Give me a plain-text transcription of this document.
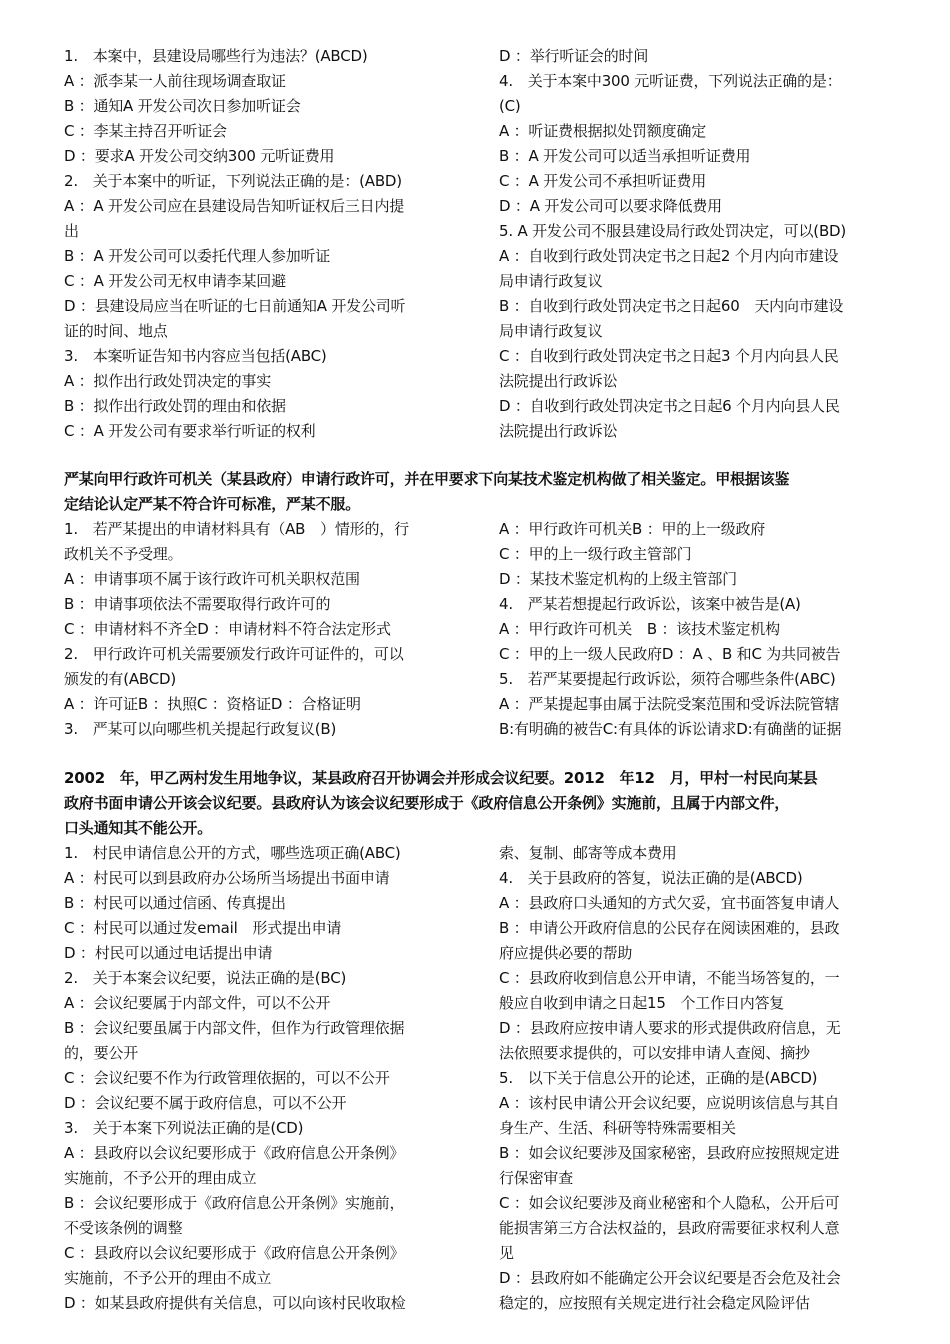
1.　本案中，县建设局哪些行为违法？(ABCD)
A ：派李某一人前往现场调查取证
B ：通知A 开发公司次日参加听证会
C ：李某主持召开听证会
D ：要求A 开发公司交纳300 元听证费用
2.　关于本案中的听证，下列说法正确的是：(ABD)
A ：A 开发公司应在县建设局告知听证权后三日内提
出
B ：A 开发公司可以委托代理人参加听证
C ：A 开发公司无权申请李某回避
D ：县建设局应当在听证的七日前通知A 开发公司听
证的时间、地点
3.　本案听证告知书内容应当包括(ABC)
A ：拟作出行政处罚决定的事实
B ：拟作出行政处罚的理由和依据
C ：A 开发公司有要求举行听证的权利
D ：举行听证会的时间
4.　关于本案中300 元听证费，下列说法正确的是：
(C)
A ：听证费根据拟处罚额度确定
B ：A 开发公司可以适当承担听证费用
C ：A 开发公司不承担听证费用
D ：A 开发公司可以要求降低费用
5. A 开发公司不服县建设局行政处罚决定，可以(BD)
A ：自收到行政处罚决定书之日起2 个月内向市建设
局申请行政复议
B ：自收到行政处罚决定书之日起60　天内向市建设
局申请行政复议
C ：自收到行政处罚决定书之日起3 个月内向县人民
法院提出行政诉讼
D ：自收到行政处罚决定书之日起6 个月内向县人民
法院提出行政诉讼
严某向甲行政许可机关（某县政府）申请行政许可，并在甲要求下向某技术鉴定机构做了相关鉴定。甲根据该鉴
定结论认定严某不符合许可标准，严某不服。
1.　若严某提出的申请材料具有（AB　）情形的，行
政机关不予受理。
A ：申请事项不属于该行政许可机关职权范围
B ：申请事项依法不需要取得行政许可的
C ：申请材料不齐全D ：申请材料不符合法定形式
2.　甲行政许可机关需要颁发行政许可证件的，可以
颁发的有(ABCD)
A ：许可证B ：执照C ：资格证D ：合格证明
3.　严某可以向哪些机关提起行政复议(B)
A ：甲行政许可机关B ：甲的上一级政府
C ：甲的上一级行政主管部门
D ：某技术鉴定机构的上级主管部门
4.　严某若想提起行政诉讼，该案中被告是(A)
A ：甲行政许可机关　B ：该技术鉴定机构
C ：甲的上一级人民政府D ：A 、B 和C 为共同被告
5.　若严某要提起行政诉讼，须符合哪些条件(ABC)
A ：严某提起事由属于法院受案范围和受诉法院管辖
B:有明确的被告C:有具体的诉讼请求D:有确凿的证据
2002　年，甲乙两村发生用地争议，某县政府召开协调会并形成会议纪要。2012　年12　月，甲村一村民向某县
政府书面申请公开该会议纪要。县政府认为该会议纪要形成于《政府信息公开条例》实施前，且属于内部文件，
口头通知其不能公开。
1.　村民申请信息公开的方式，哪些选项正确(ABC)
A ：村民可以到县政府办公场所当场提出书面申请
B ：村民可以通过信函、传真提出
C ：村民可以通过发email　形式提出申请
D ：村民可以通过电话提出申请
2.　关于本案会议纪要，说法正确的是(BC)
A ：会议纪要属于内部文件，可以不公开
B ：会议纪要虽属于内部文件，但作为行政管理依据
的，要公开
C ：会议纪要不作为行政管理依据的，可以不公开
D ：会议纪要不属于政府信息，可以不公开
3.　关于本案下列说法正确的是(CD)
A ：县政府以会议纪要形成于《政府信息公开条例》
实施前，不予公开的理由成立
B ：会议纪要形成于《政府信息公开条例》实施前，
不受该条例的调整
C ：县政府以会议纪要形成于《政府信息公开条例》
实施前，不予公开的理由不成立
D ：如某县政府提供有关信息，可以向该村民收取检
索、复制、邮寄等成本费用
4.　关于县政府的答复，说法正确的是(ABCD)
A ：县政府口头通知的方式欠妥，宜书面答复申请人
B ：申请公开政府信息的公民存在阅读困难的，县政
府应提供必要的帮助
C ：县政府收到信息公开申请，不能当场答复的，一
般应自收到申请之日起15　个工作日内答复
D ：县政府应按申请人要求的形式提供政府信息，无
法依照要求提供的，可以安排申请人查阅、摘抄
5.　以下关于信息公开的论述，正确的是(ABCD)
A ：该村民申请公开会议纪要，应说明该信息与其自
身生产、生活、科研等特殊需要相关
B ：如会议纪要涉及国家秘密，县政府应按照规定进
行保密审查
C ：如会议纪要涉及商业秘密和个人隐私，公开后可
能损害第三方合法权益的，县政府需要征求权利人意
见
D ：县政府如不能确定公开会议纪要是否会危及社会
稳定的，应按照有关规定进行社会稳定风险评估
